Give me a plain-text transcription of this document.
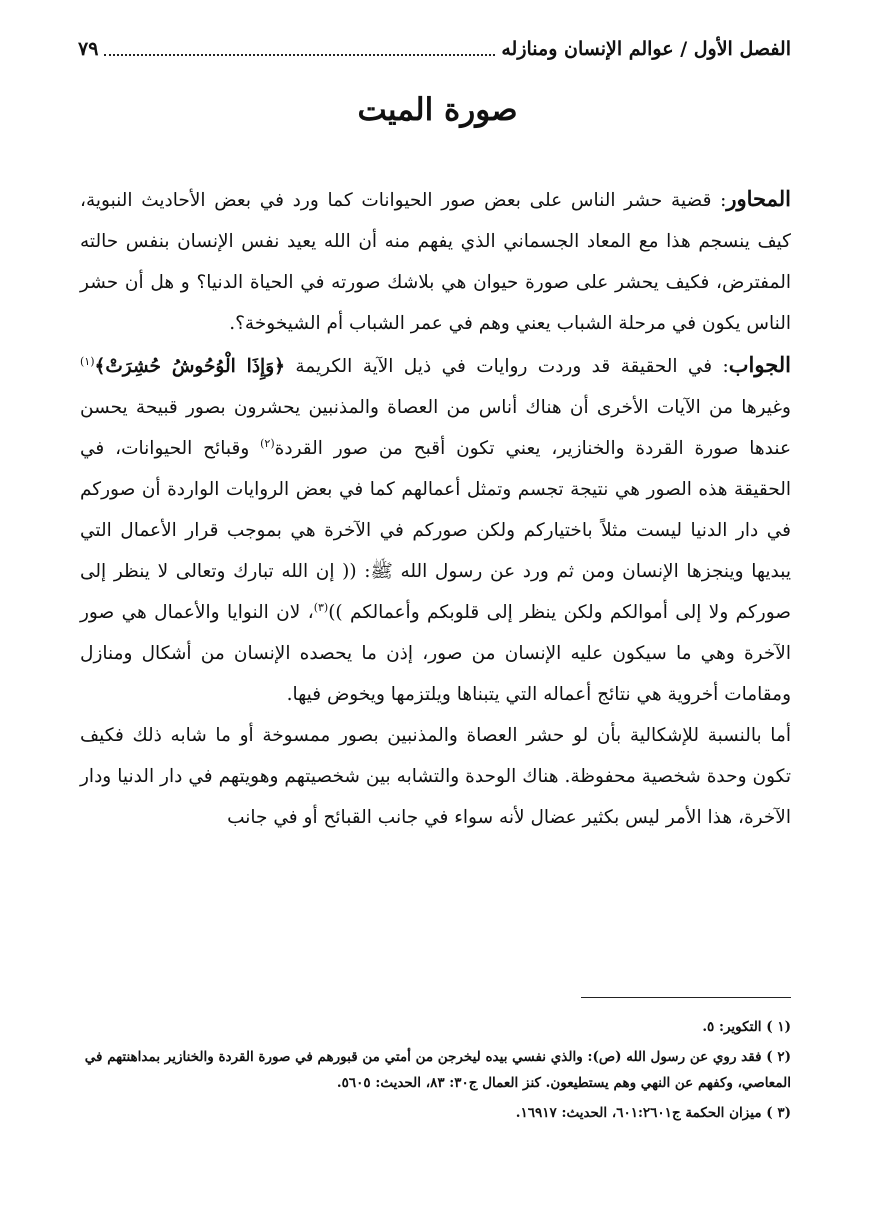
الفصل الأول / عوالم الإنسان ومنازله
٧٩
صورة الميت

المحاور: قضية حشر الناس على بعض صور الحيوانات كما ورد في بعض الأحاديث النبوية، كيف ينسجم هذا مع المعاد الجسماني الذي يفهم منه أن الله يعيد نفس الإنسان بنفس حالته المفترض، فكيف يحشر على صورة حيوان هي بلاشك صورته في الحياة الدنيا؟ و هل أن حشر الناس يكون في مرحلة الشباب يعني وهم في عمر الشباب أم الشيخوخة؟.

الجواب: في الحقيقة قد وردت روايات في ذيل الآية الكريمة ﴿وَإِذَا الْوُحُوشُ حُشِرَتْ﴾$^{(١)}$ وغيرها من الآيات الأخرى أن هناك أناس من العصاة والمذنبين يحشرون بصور قبيحة يحسن عندها صورة القردة والخنازير، يعني تكون أقبح من صور القردة$^{(٢)}$ وقبائح الحيوانات، في الحقيقة هذه الصور هي نتيجة تجسم وتمثل أعمالهم كما في بعض الروايات الواردة أن صوركم في دار الدنيا ليست مثلاً باختياركم ولكن صوركم في الآخرة هي بموجب قرار الأعمال التي يبديها وينجزها الإنسان ومن ثم ورد عن رسول الله ﷺ: (( إن الله تبارك وتعالى لا ينظر إلى صوركم ولا إلى أموالكم ولكن ينظر إلى قلوبكم وأعمالكم ))$^{(٣)}$، لان النوايا والأعمال هي صور الآخرة وهي ما سيكون عليه الإنسان من صور، إذن ما يحصده الإنسان من أشكال ومنازل ومقامات أخروية هي نتائج أعماله التي يتبناها ويلتزمها ويخوض فيها.

أما بالنسبة للإشكالية بأن لو حشر العصاة والمذنبين بصور ممسوخة أو ما شابه ذلك فكيف تكون وحدة شخصية محفوظة. هناك الوحدة والتشابه بين شخصيتهم وهويتهم في دار الدنيا ودار الآخرة، هذا الأمر ليس بكثير عضال لأنه سواء في جانب القبائح أو في جانب

(١ ) التكوير: ٥.

(٢ ) فقد روي عن رسول الله (ص): والذي نفسي بيده ليخرجن من أمتي من قبورهم في صورة القردة والخنازير بمداهنتهم في المعاصي، وكفهم عن النهي وهم يستطيعون. كنز العمال ج٣٠: ٨٣، الحديث: ٥٦٠٥.

(٣ ) ميزان الحكمة ج٦٠١:٢٦٠١، الحديث: ١٦٩١٧.
